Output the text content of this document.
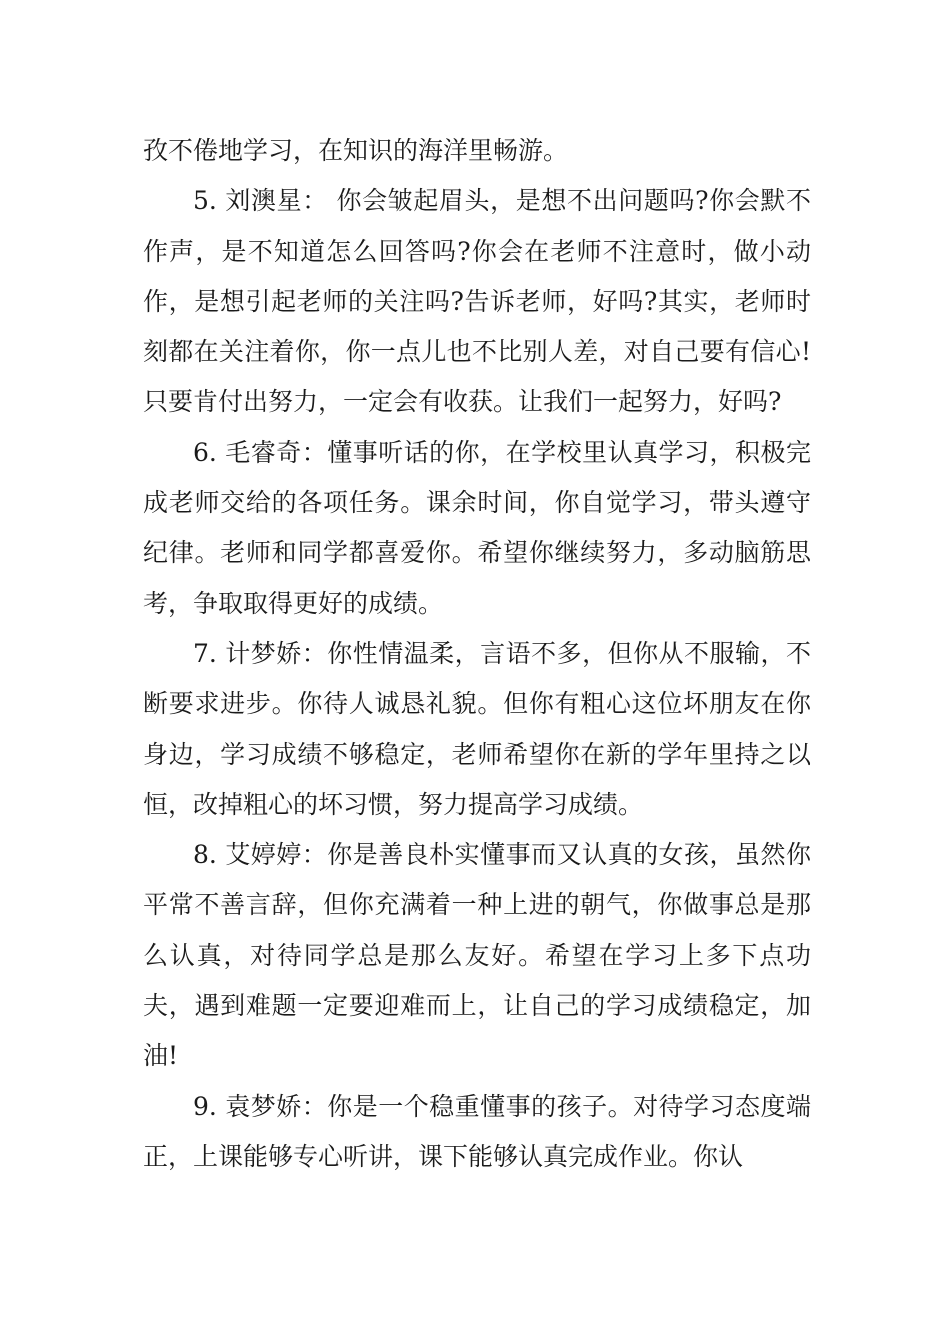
孜不倦地学习，在知识的海洋里畅游。

5. 刘澳星： 你会皱起眉头，是想不出问题吗?你会默不作声，是不知道怎么回答吗?你会在老师不注意时，做小动作，是想引起老师的关注吗?告诉老师，好吗?其实，老师时刻都在关注着你，你一点儿也不比别人差，对自己要有信心!只要肯付出努力，一定会有收获。让我们一起努力，好吗?

6. 毛睿奇：懂事听话的你，在学校里认真学习，积极完成老师交给的各项任务。课余时间，你自觉学习，带头遵守纪律。老师和同学都喜爱你。希望你继续努力，多动脑筋思考，争取取得更好的成绩。

7. 计梦娇：你性情温柔，言语不多，但你从不服输，不断要求进步。你待人诚恳礼貌。但你有粗心这位坏朋友在你身边，学习成绩不够稳定，老师希望你在新的学年里持之以恒，改掉粗心的坏习惯，努力提高学习成绩。

8. 艾婷婷：你是善良朴实懂事而又认真的女孩，虽然你平常不善言辞，但你充满着一种上进的朝气，你做事总是那么认真，对待同学总是那么友好。希望在学习上多下点功夫，遇到难题一定要迎难而上，让自己的学习成绩稳定，加油!

9. 袁梦娇：你是一个稳重懂事的孩子。对待学习态度端正，上课能够专心听讲，课下能够认真完成作业。你认
